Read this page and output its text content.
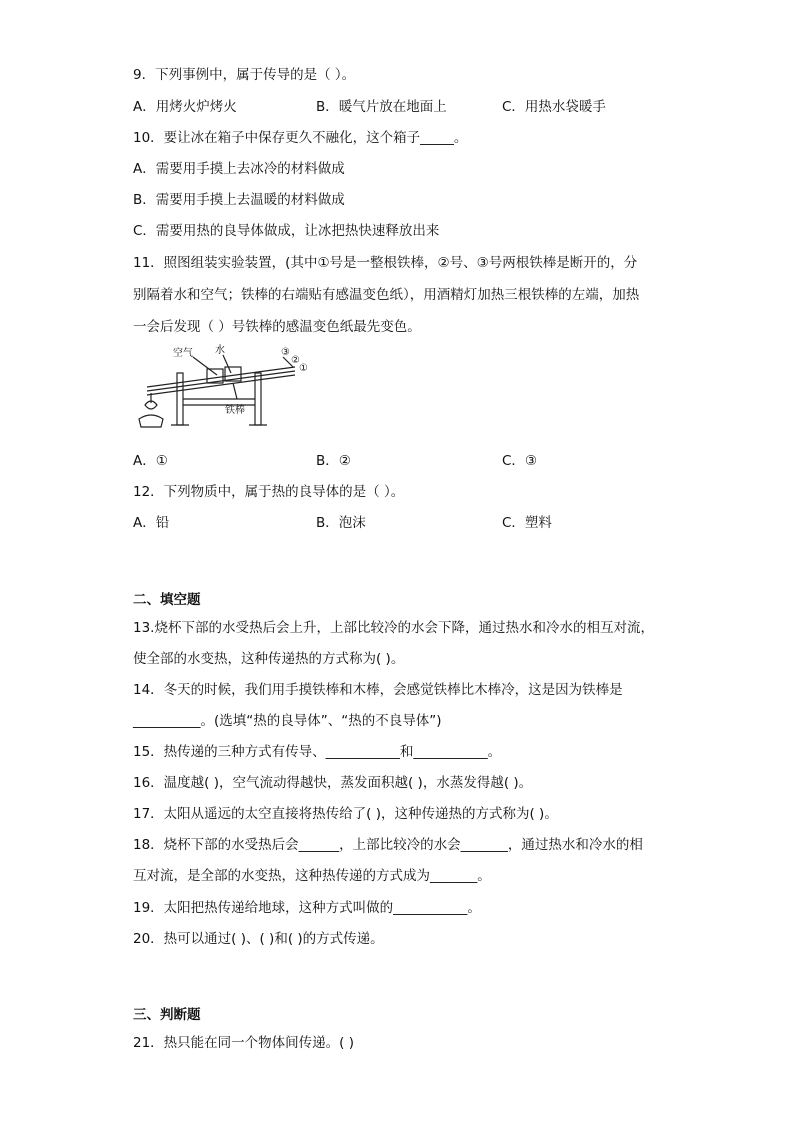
9．下列事例中，属于传导的是（ ）。
A．用烤火炉烤火	B．暖气片放在地面上	C．用热水袋暖手
10．要让冰在箱子中保存更久不融化，这个箱子_____。
A．需要用手摸上去冰冷的材料做成
B．需要用手摸上去温暖的材料做成
C．需要用热的良导体做成，让冰把热快速释放出来
11．照图组装实验装置，(其中①号是一整根铁棒，②号、③号两根铁棒是断开的，分
别隔着水和空气；铁棒的右端贴有感温变色纸），用酒精灯加热三根铁棒的左端，加热
一会后发现（ ）号铁棒的感温变色纸最先变色。
空气 水	③
②
①
铁棒
A．①	B．②	C．③
12．下列物质中，属于热的良导体的是（ ）。
A．铅	B．泡沫	C．塑料
二、填空题
13.烧杯下部的水受热后会上升，上部比较冷的水会下降，通过热水和冷水的相互对流，
使全部的水变热，这种传递热的方式称为( )。
14．冬天的时候，我们用手摸铁棒和木棒，会感觉铁棒比木棒冷，这是因为铁棒是
__________。(选填“热的良导体”、“热的不良导体”)
15．热传递的三种方式有传导、___________和___________。
16．温度越( )，空气流动得越快，蒸发面积越( )，水蒸发得越( )。
17．太阳从遥远的太空直接将热传给了( )，这种传递热的方式称为( )。
18．烧杯下部的水受热后会______，上部比较冷的水会_______，通过热水和冷水的相
互对流，是全部的水变热，这种热传递的方式成为_______。
19．太阳把热传递给地球，这种方式叫做的___________。
20．热可以通过( )、( )和( )的方式传递。
三、判断题
21．热只能在同一个物体间传递。( )
